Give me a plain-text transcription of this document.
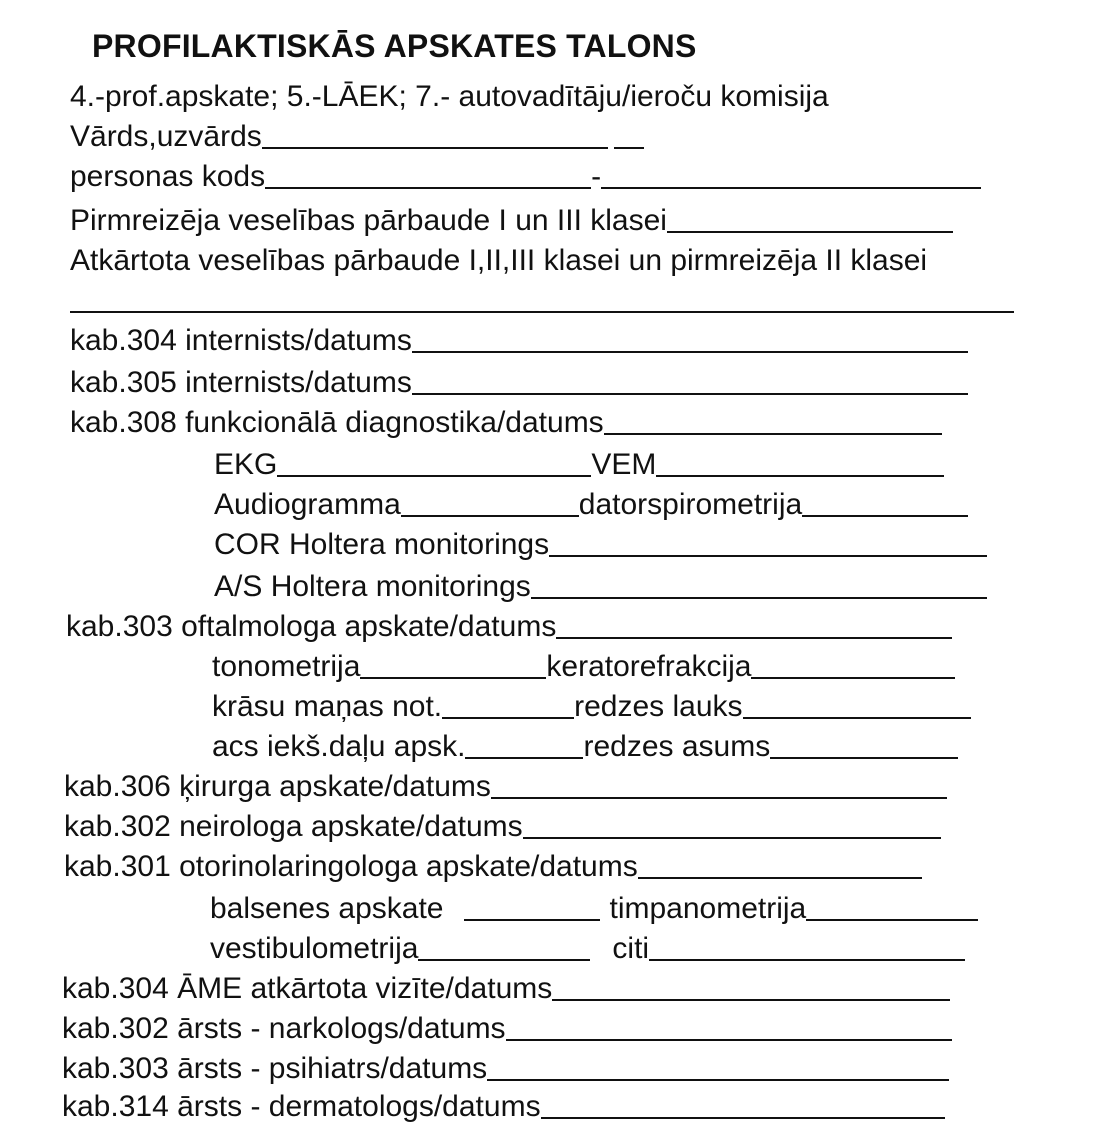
PROFILAKTISKĀS APSKATES TALONS
4.-prof.apskate; 5.-LĀEK; 7.- autovadītāju/ieroču komisija
Vārds,uzvārds
personas kods	-
Pirmreizēja veselības pārbaude I un III klasei
Atkārtota veselības pārbaude I,II,III klasei un pirmreizēja II klasei
kab.304 internists/datums
kab.305 internists/datums
kab.308 funkcionālā diagnostika/datums
EKG	VEM
Audiogramma	datorspirometrija
COR Holtera monitorings
A/S Holtera monitorings
kab.303 oftalmologa apskate/datums
tonometrija	keratorefrakcija
krāsu maņas not.	redzes lauks
acs iekš.daļu apsk.	redzes asums
kab.306 ķirurga apskate/datums
kab.302 neirologa apskate/datums
kab.301 otorinolaringologa apskate/datums
balsenes apskate	timpanometrija
vestibulometrija	citi
kab.304 ĀME atkārtota vizīte/datums
kab.302 ārsts - narkologs/datums
kab.303 ārsts - psihiatrs/datums
kab.314 ārsts - dermatologs/datums
